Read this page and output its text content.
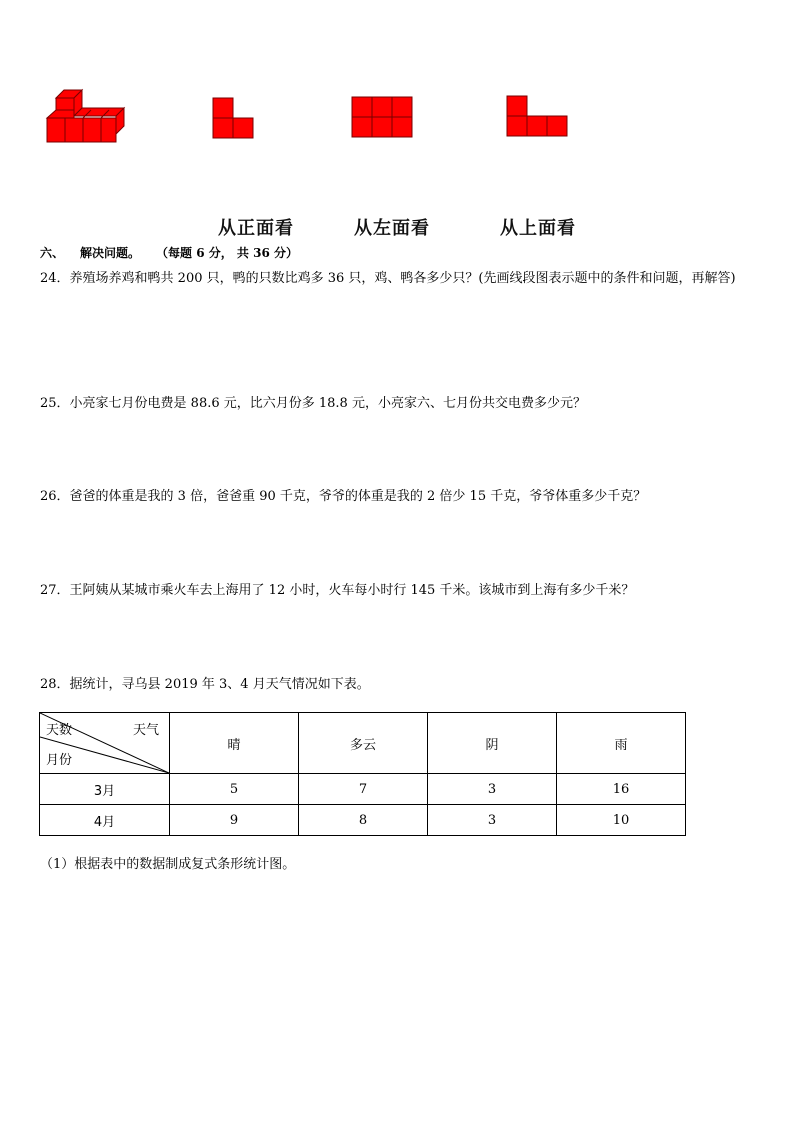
从正面看	从左面看	从上面看
六、 解决问题。 （每题 6 分， 共 36 分）
24．养殖场养鸡和鸭共 200 只，鸭的只数比鸡多 36 只，鸡、鸭各多少只？(先画线段图表示题中的条件和问题，再解答)
25．小亮家七月份电费是 88.6 元，比六月份多 18.8 元，小亮家六、七月份共交电费多少元？
26．爸爸的体重是我的 3 倍，爸爸重 90 千克，爷爷的体重是我的 2 倍少 15 千克，爷爷体重多少千克？
27．王阿姨从某城市乘火车去上海用了 12 小时，火车每小时行 145 千米。该城市到上海有多少千米？
28．据统计，寻乌县 2019 年 3、4 月天气情况如下表。
天数 天气
月份	晴	多云	阴	雨
3月	5	7	3	16
4月	9	8	3	10
（1）根据表中的数据制成复式条形统计图。
